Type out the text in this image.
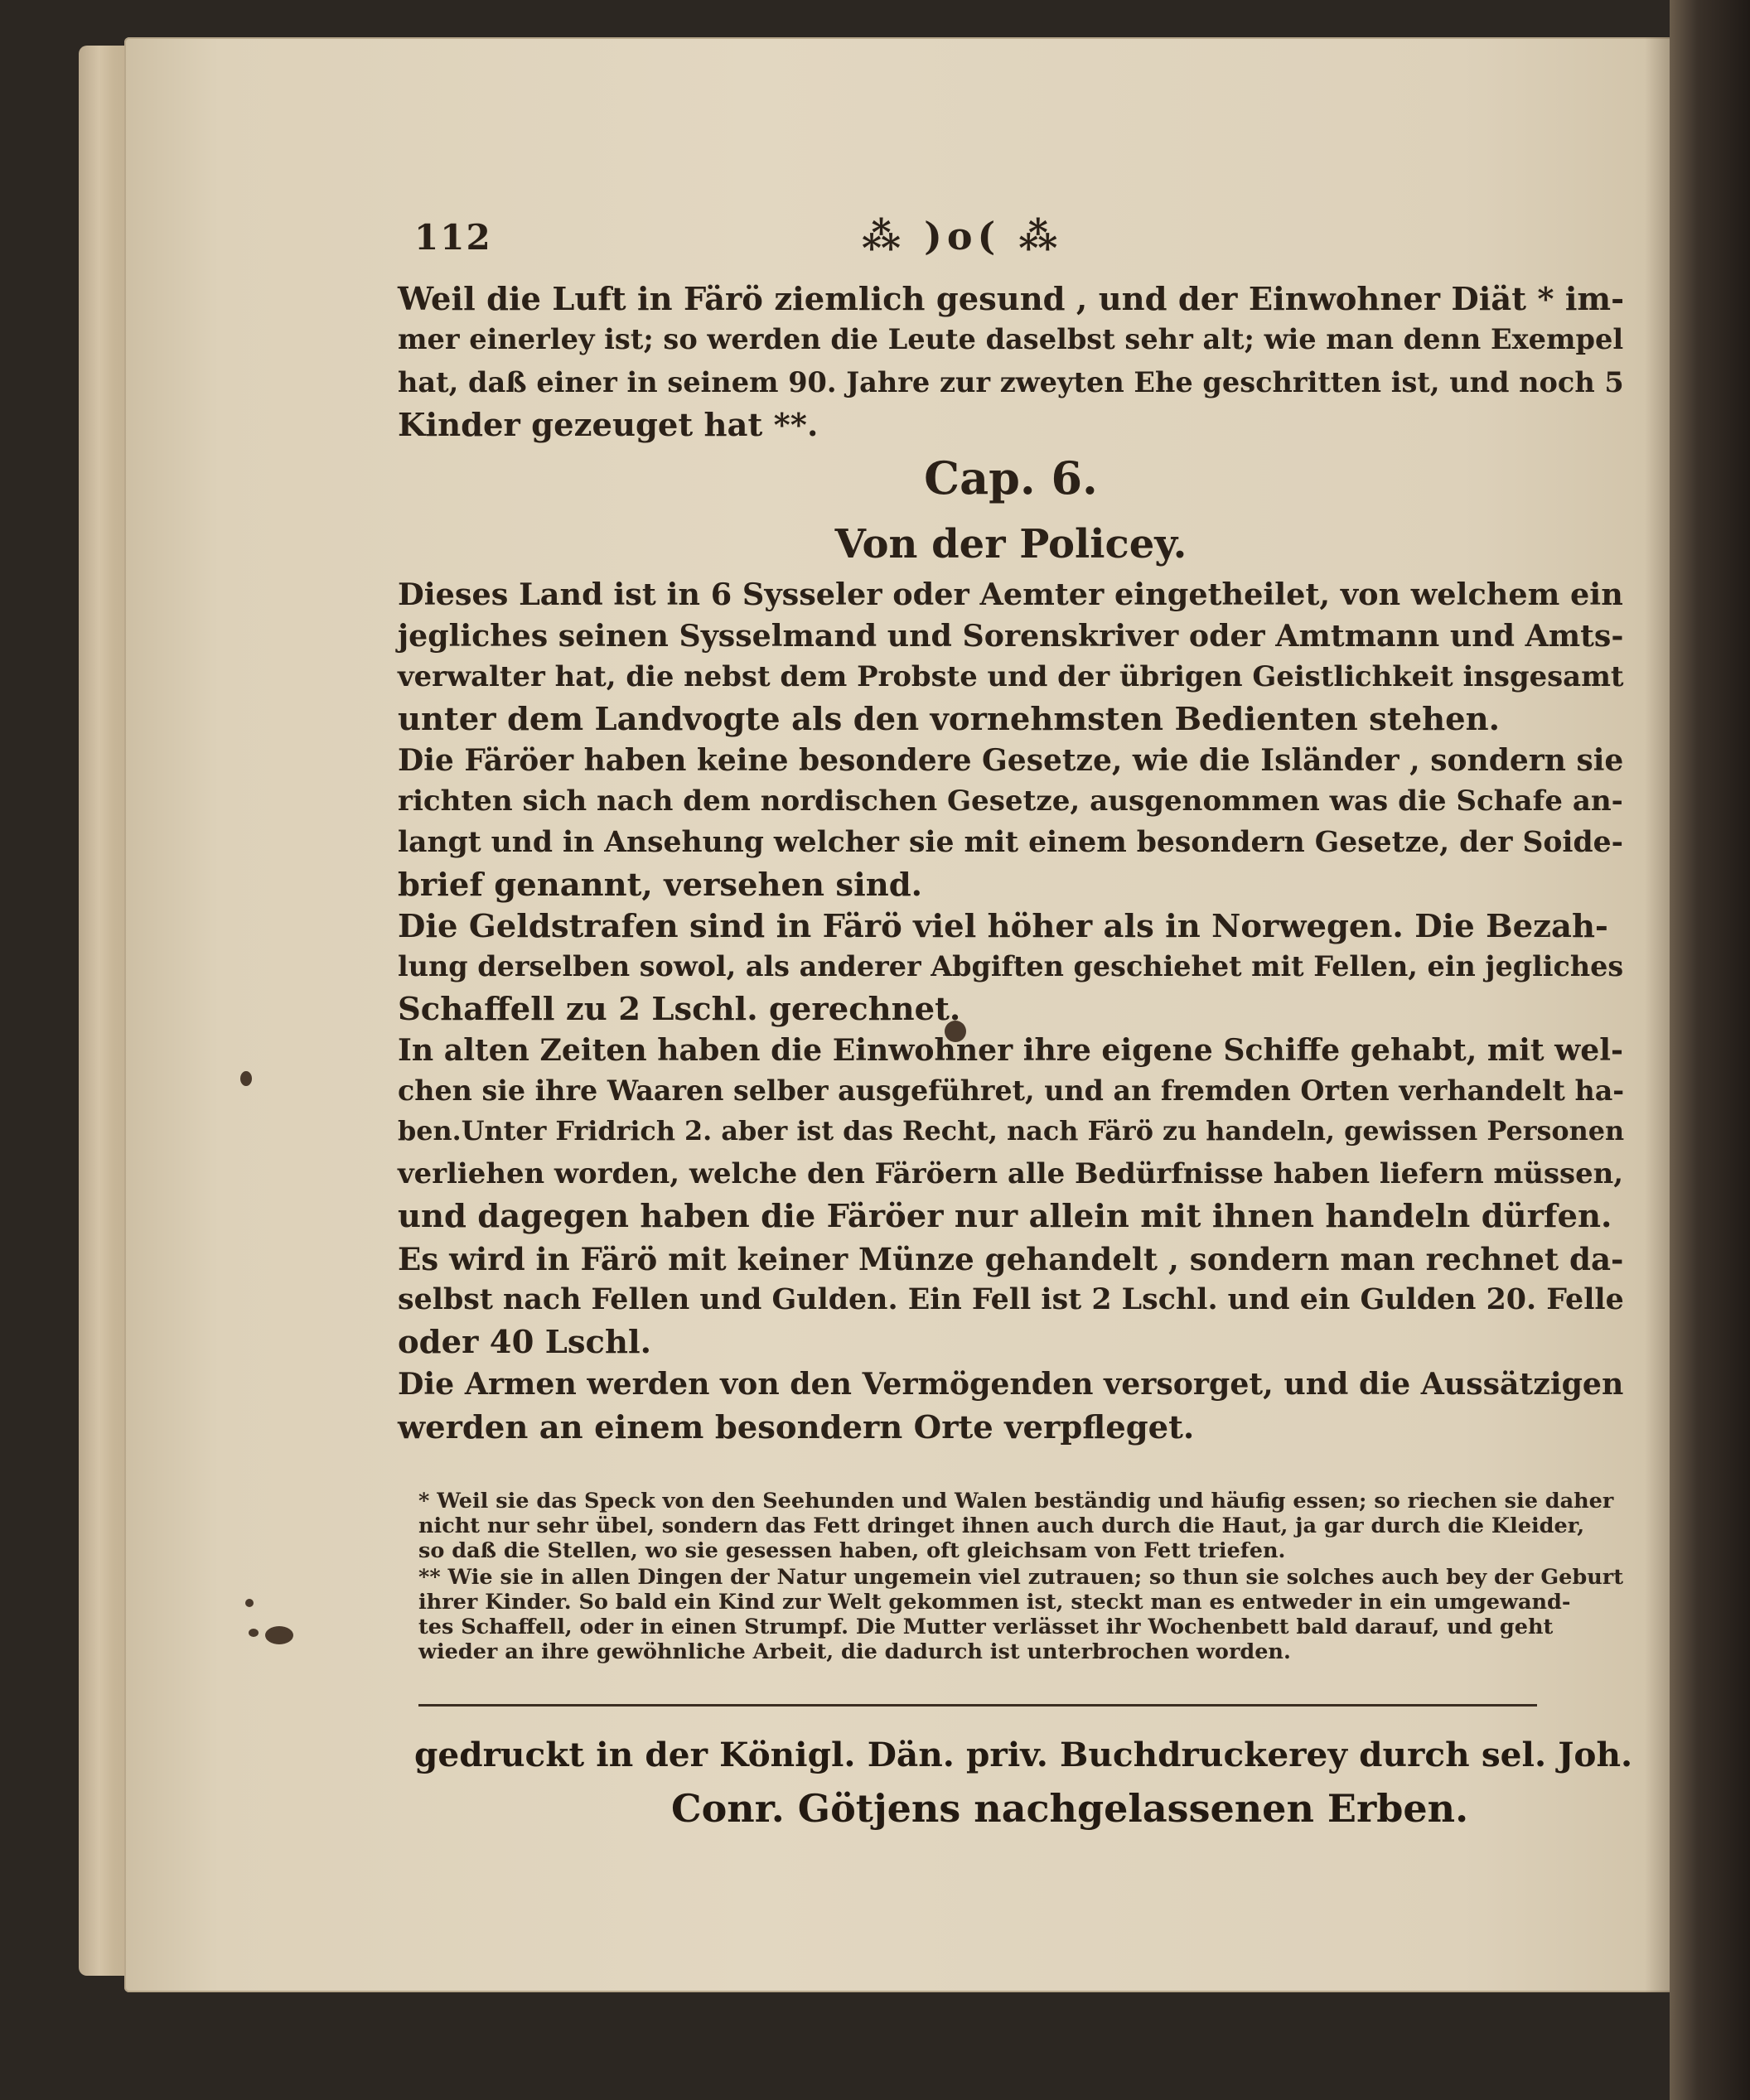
112	⁂ )o( ⁂
Weil die Luft in Färö ziemlich gesund , und der Einwohner Diät * im-
mer einerley ist; so werden die Leute daselbst sehr alt; wie man denn Exempel
hat, daß einer in seinem 90. Jahre zur zweyten Ehe geschritten ist, und noch 5
Kinder gezeuget hat **.
Cap. 6.
Von der Policey.
Dieses Land ist in 6 Sysseler oder Aemter eingetheilet, von welchem ein
jegliches seinen Sysselmand und Sorenskriver oder Amtmann und Amts-
verwalter hat, die nebst dem Probste und der übrigen Geistlichkeit insgesamt
unter dem Landvogte als den vornehmsten Bedienten stehen.
Die Färöer haben keine besondere Gesetze, wie die Isländer , sondern sie
richten sich nach dem nordischen Gesetze, ausgenommen was die Schafe an-
langt und in Ansehung welcher sie mit einem besondern Gesetze, der Soide-
brief genannt, versehen sind.
Die Geldstrafen sind in Färö viel höher als in Norwegen. Die Bezah-
lung derselben sowol, als anderer Abgiften geschiehet mit Fellen, ein jegliches
Schaffell zu 2 Lschl. gerechnet.
In alten Zeiten haben die Einwohner ihre eigene Schiffe gehabt, mit wel-
chen sie ihre Waaren selber ausgeführet, und an fremden Orten verhandelt ha-
ben.Unter Fridrich 2. aber ist das Recht, nach Färö zu handeln, gewissen Personen
verliehen worden, welche den Färöern alle Bedürfnisse haben liefern müssen,
und dagegen haben die Färöer nur allein mit ihnen handeln dürfen.
Es wird in Färö mit keiner Münze gehandelt , sondern man rechnet da-
selbst nach Fellen und Gulden. Ein Fell ist 2 Lschl. und ein Gulden 20. Felle
oder 40 Lschl.
Die Armen werden von den Vermögenden versorget, und die Aussätzigen
werden an einem besondern Orte verpfleget.
* Weil sie das Speck von den Seehunden und Walen beständig und häufig essen; so riechen sie daher
nicht nur sehr übel, sondern das Fett dringet ihnen auch durch die Haut, ja gar durch die Kleider,
so daß die Stellen, wo sie gesessen haben, oft gleichsam von Fett triefen.
** Wie sie in allen Dingen der Natur ungemein viel zutrauen; so thun sie solches auch bey der Geburt
ihrer Kinder. So bald ein Kind zur Welt gekommen ist, steckt man es entweder in ein umgewand-
tes Schaffell, oder in einen Strumpf. Die Mutter verlässet ihr Wochenbett bald darauf, und geht
wieder an ihre gewöhnliche Arbeit, die dadurch ist unterbrochen worden.
gedruckt in der Königl. Dän. priv. Buchdruckerey durch sel. Joh.
Conr. Götjens nachgelassenen Erben.
